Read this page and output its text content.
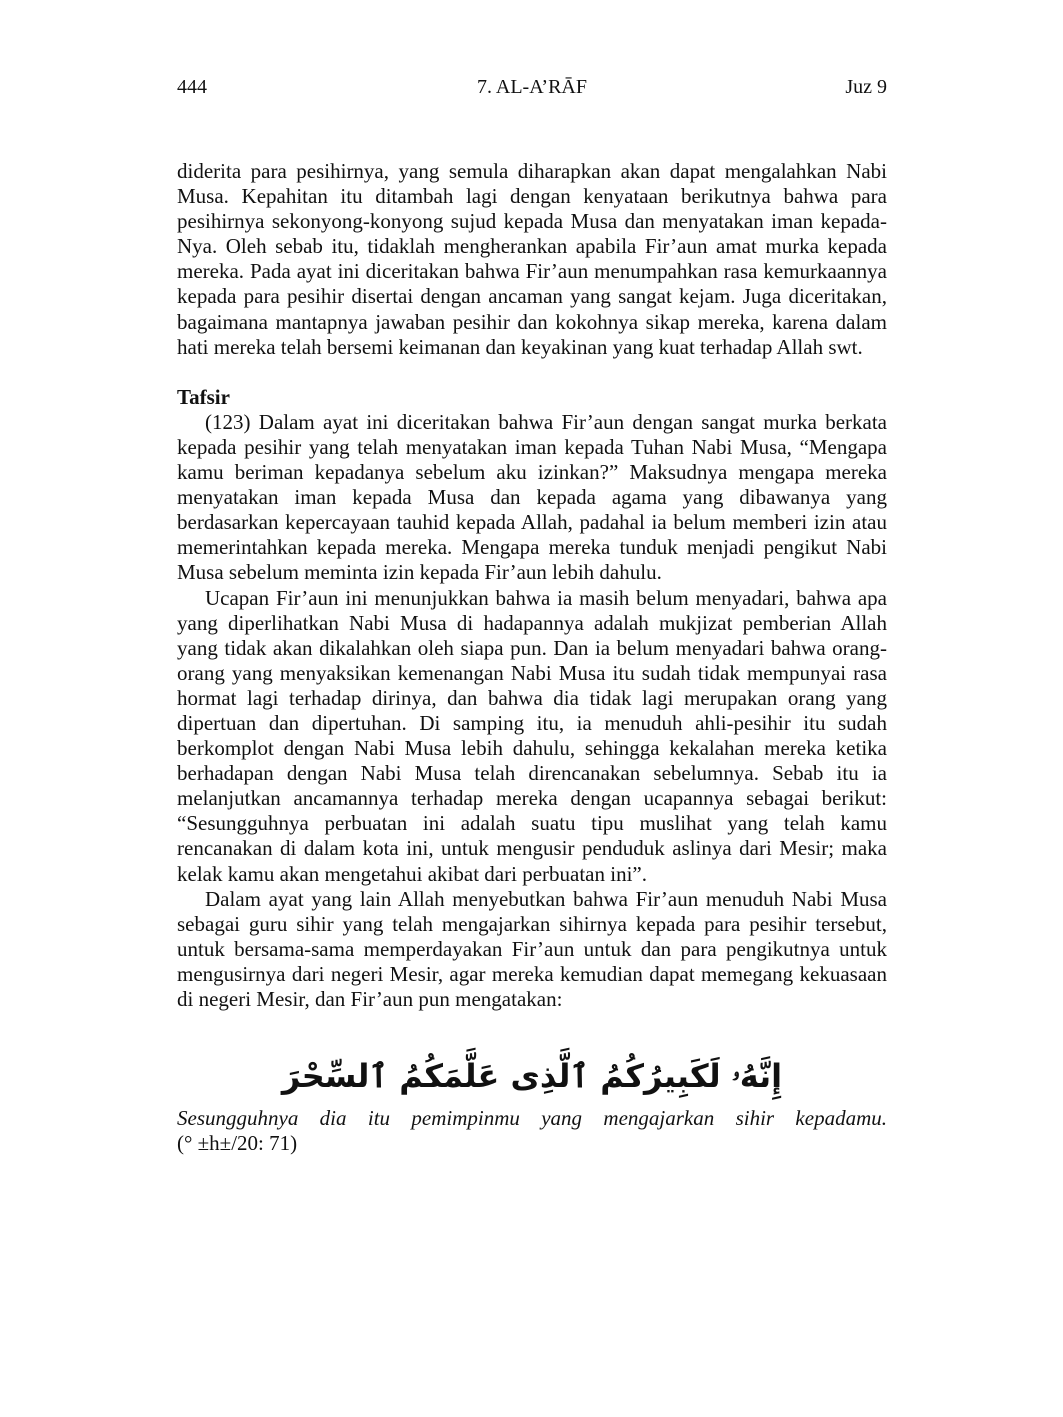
444	7. AL-A’RĀF	Juz 9

diderita para pesihirnya, yang semula diharapkan akan dapat mengalahkan Nabi Musa. Kepahitan itu ditambah lagi dengan kenyataan berikutnya bahwa para pesihirnya sekonyong-konyong sujud kepada Musa dan menyatakan iman kepada-Nya. Oleh sebab itu, tidaklah mengherankan apabila Fir’aun amat murka kepada mereka. Pada ayat ini diceritakan bahwa Fir’aun menumpahkan rasa kemurkaannya kepada para pesihir disertai dengan ancaman yang sangat kejam. Juga diceritakan, bagaimana mantapnya jawaban pesihir dan kokohnya sikap mereka, karena dalam hati mereka telah bersemi keimanan dan keyakinan yang kuat terhadap Allah swt.

Tafsir

(123) Dalam ayat ini diceritakan bahwa Fir’aun dengan sangat murka berkata kepada pesihir yang telah menyatakan iman kepada Tuhan Nabi Musa, “Mengapa kamu beriman kepadanya sebelum aku izinkan?” Maksudnya mengapa mereka menyatakan iman kepada Musa dan kepada agama yang dibawanya yang berdasarkan kepercayaan tauhid kepada Allah, padahal ia belum memberi izin atau memerintahkan kepada mereka. Mengapa mereka tunduk menjadi pengikut Nabi Musa sebelum meminta izin kepada Fir’aun lebih dahulu.

Ucapan Fir’aun ini menunjukkan bahwa ia masih belum menyadari, bahwa apa yang diperlihatkan Nabi Musa di hadapannya adalah mukjizat pemberian Allah yang tidak akan dikalahkan oleh siapa pun. Dan ia belum menyadari bahwa orang-orang yang menyaksikan kemenangan Nabi Musa itu sudah tidak mempunyai rasa hormat lagi terhadap dirinya, dan bahwa dia tidak lagi merupakan orang yang dipertuan dan dipertuhan. Di samping itu, ia menuduh ahli-pesihir itu sudah berkomplot dengan Nabi Musa lebih dahulu, sehingga kekalahan mereka ketika berhadapan dengan Nabi Musa telah direncanakan sebelumnya. Sebab itu ia melanjutkan ancamannya terhadap mereka dengan ucapannya sebagai berikut: “Sesungguhnya perbuatan ini adalah suatu tipu muslihat yang telah kamu rencanakan di dalam kota ini, untuk mengusir penduduk aslinya dari Mesir; maka kelak kamu akan mengetahui akibat dari perbuatan ini”.

Dalam ayat yang lain Allah menyebutkan bahwa Fir’aun menuduh Nabi Musa sebagai guru sihir yang telah mengajarkan sihirnya kepada para pesihir tersebut, untuk bersama-sama memperdayakan Fir’aun untuk dan para pengikutnya untuk mengusirnya dari negeri Mesir, agar mereka kemudian dapat memegang kekuasaan di negeri Mesir, dan Fir’aun pun mengatakan:

إِنَّهُۥ لَكَبِيرُكُمُ ٱلَّذِى عَلَّمَكُمُ ٱلسِّحْرَ

Sesungguhnya dia itu pemimpinmu yang mengajarkan sihir kepadamu.

(° ±h±/20: 71)
